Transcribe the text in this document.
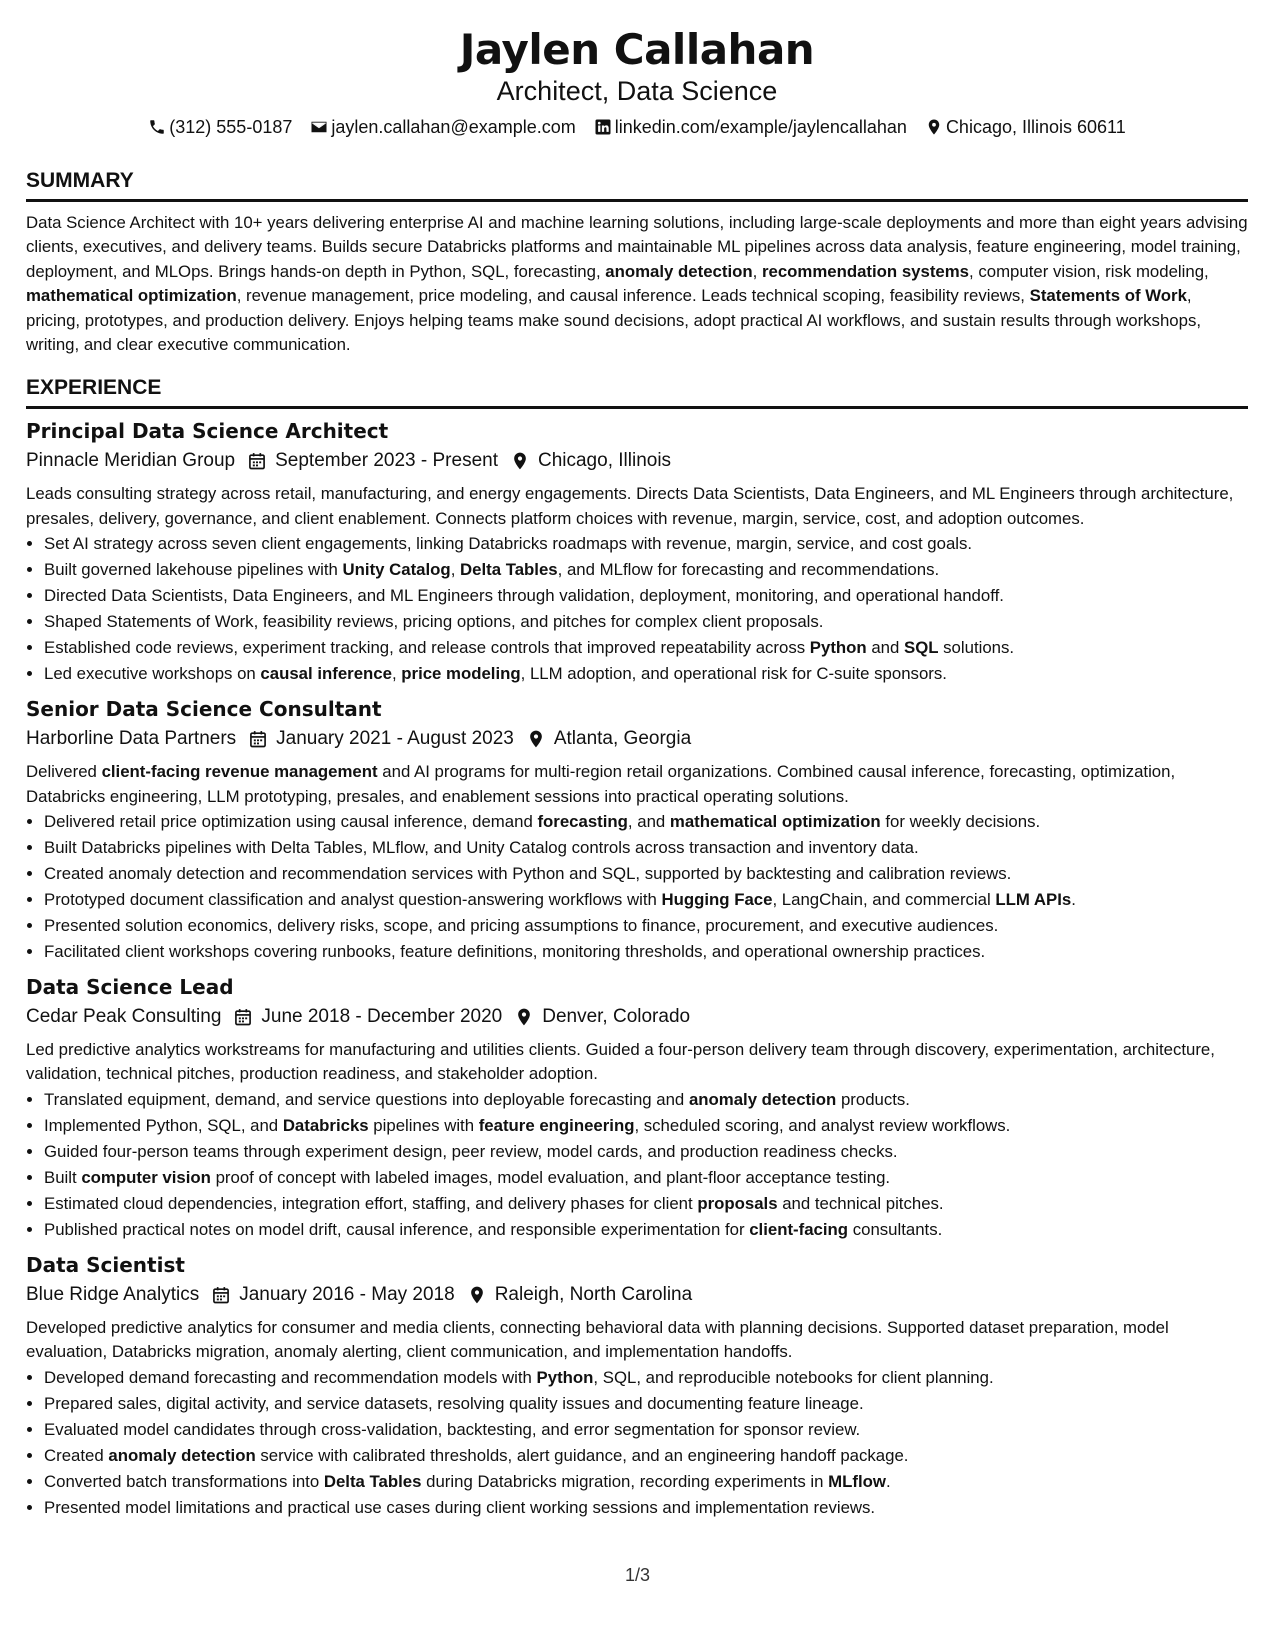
Jaylen Callahan
Architect, Data Science
(312) 555-0187 jaylen.callahan@example.com linkedin.com/example/jaylencallahan Chicago, Illinois 60611
SUMMARY
Data Science Architect with 10+ years delivering enterprise AI and machine learning solutions, including large-scale deployments and more than eight years advising clients, executives, and delivery teams. Builds secure Databricks platforms and maintainable ML pipelines across data analysis, feature engineering, model training, deployment, and MLOps. Brings hands-on depth in Python, SQL, forecasting, anomaly detection, recommendation systems, computer vision, risk modeling, mathematical optimization, revenue management, price modeling, and causal inference. Leads technical scoping, feasibility reviews, Statements of Work, pricing, prototypes, and production delivery. Enjoys helping teams make sound decisions, adopt practical AI workflows, and sustain results through workshops, writing, and clear executive communication.
EXPERIENCE
Principal Data Science Architect
Pinnacle Meridian Group September 2023 - Present Chicago, Illinois
Leads consulting strategy across retail, manufacturing, and energy engagements. Directs Data Scientists, Data Engineers, and ML Engineers through architecture, presales, delivery, governance, and client enablement. Connects platform choices with revenue, margin, service, cost, and adoption outcomes.
• Set AI strategy across seven client engagements, linking Databricks roadmaps with revenue, margin, service, and cost goals.
• Built governed lakehouse pipelines with Unity Catalog, Delta Tables, and MLflow for forecasting and recommendations.
• Directed Data Scientists, Data Engineers, and ML Engineers through validation, deployment, monitoring, and operational handoff.
• Shaped Statements of Work, feasibility reviews, pricing options, and pitches for complex client proposals.
• Established code reviews, experiment tracking, and release controls that improved repeatability across Python and SQL solutions.
• Led executive workshops on causal inference, price modeling, LLM adoption, and operational risk for C-suite sponsors.
Senior Data Science Consultant
Harborline Data Partners January 2021 - August 2023 Atlanta, Georgia
Delivered client-facing revenue management and AI programs for multi-region retail organizations. Combined causal inference, forecasting, optimization, Databricks engineering, LLM prototyping, presales, and enablement sessions into practical operating solutions.
• Delivered retail price optimization using causal inference, demand forecasting, and mathematical optimization for weekly decisions.
• Built Databricks pipelines with Delta Tables, MLflow, and Unity Catalog controls across transaction and inventory data.
• Created anomaly detection and recommendation services with Python and SQL, supported by backtesting and calibration reviews.
• Prototyped document classification and analyst question-answering workflows with Hugging Face, LangChain, and commercial LLM APIs.
• Presented solution economics, delivery risks, scope, and pricing assumptions to finance, procurement, and executive audiences.
• Facilitated client workshops covering runbooks, feature definitions, monitoring thresholds, and operational ownership practices.
Data Science Lead
Cedar Peak Consulting June 2018 - December 2020 Denver, Colorado
Led predictive analytics workstreams for manufacturing and utilities clients. Guided a four-person delivery team through discovery, experimentation, architecture, validation, technical pitches, production readiness, and stakeholder adoption.
• Translated equipment, demand, and service questions into deployable forecasting and anomaly detection products.
• Implemented Python, SQL, and Databricks pipelines with feature engineering, scheduled scoring, and analyst review workflows.
• Guided four-person teams through experiment design, peer review, model cards, and production readiness checks.
• Built computer vision proof of concept with labeled images, model evaluation, and plant-floor acceptance testing.
• Estimated cloud dependencies, integration effort, staffing, and delivery phases for client proposals and technical pitches.
• Published practical notes on model drift, causal inference, and responsible experimentation for client-facing consultants.
Data Scientist
Blue Ridge Analytics January 2016 - May 2018 Raleigh, North Carolina
Developed predictive analytics for consumer and media clients, connecting behavioral data with planning decisions. Supported dataset preparation, model evaluation, Databricks migration, anomaly alerting, client communication, and implementation handoffs.
• Developed demand forecasting and recommendation models with Python, SQL, and reproducible notebooks for client planning.
• Prepared sales, digital activity, and service datasets, resolving quality issues and documenting feature lineage.
• Evaluated model candidates through cross-validation, backtesting, and error segmentation for sponsor review.
• Created anomaly detection service with calibrated thresholds, alert guidance, and an engineering handoff package.
• Converted batch transformations into Delta Tables during Databricks migration, recording experiments in MLflow.
• Presented model limitations and practical use cases during client working sessions and implementation reviews.
1/3
